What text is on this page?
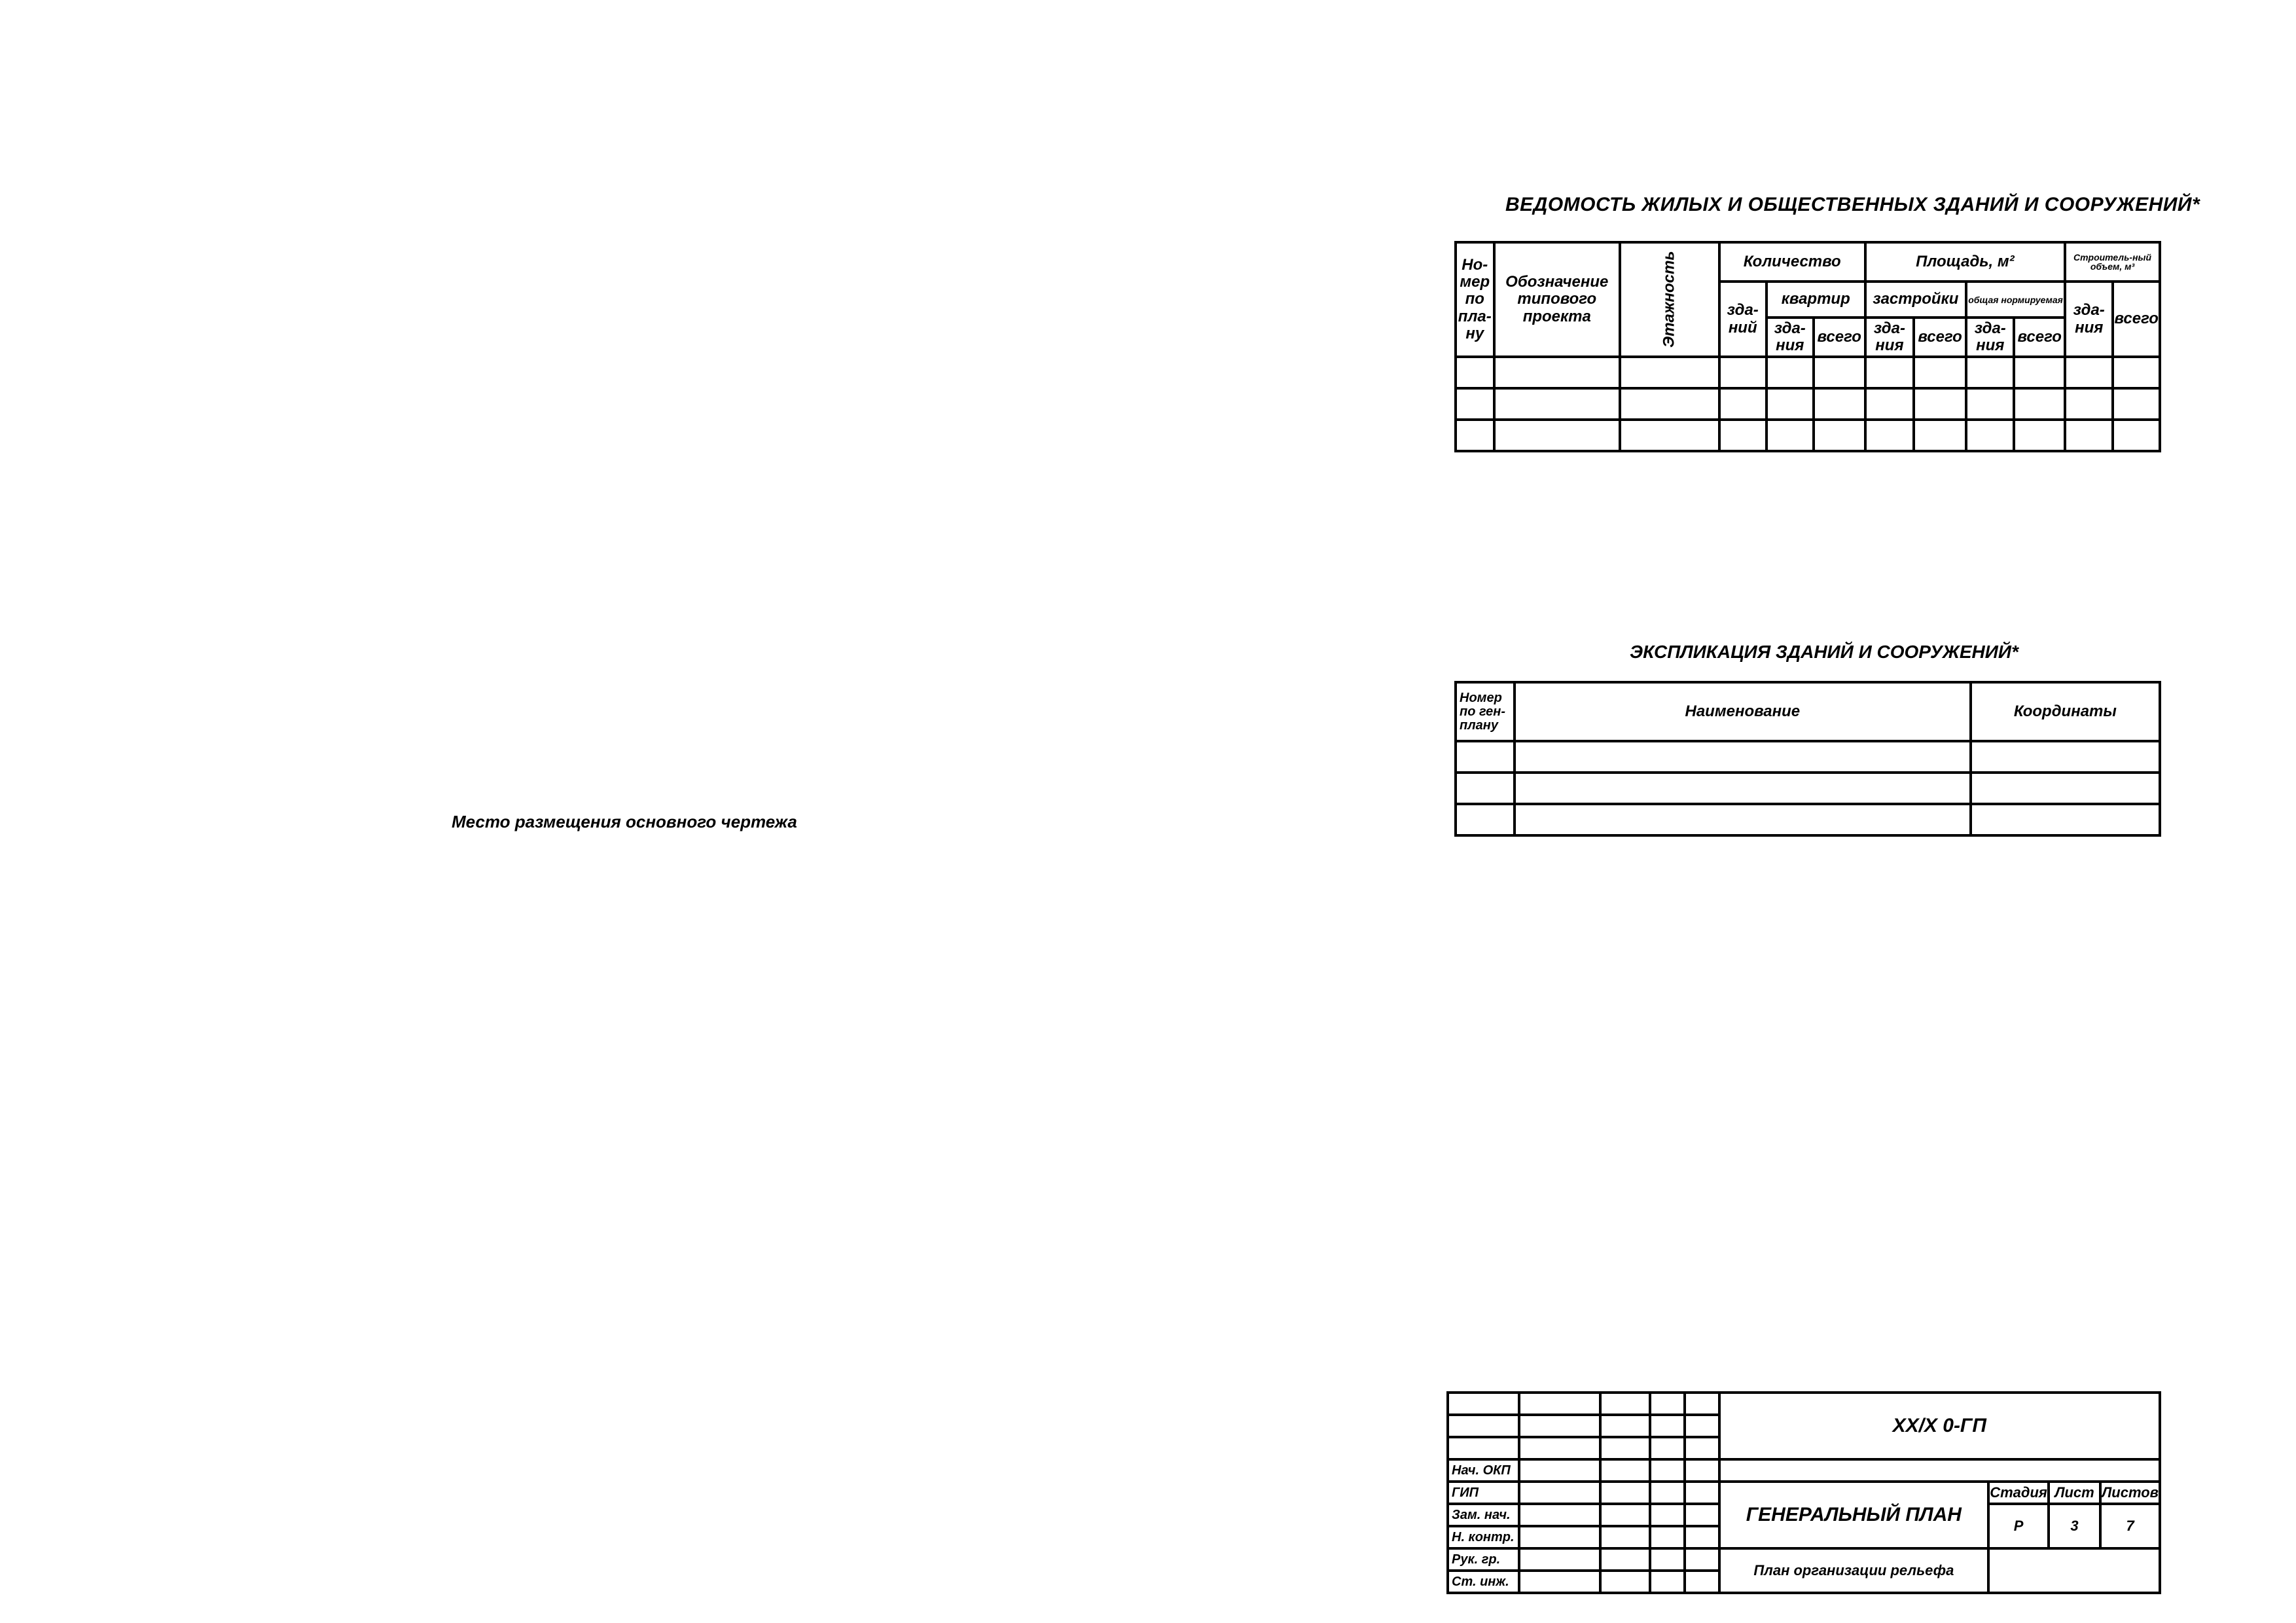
Место размещения основного чертежа
ВЕДОМОСТЬ ЖИЛЫХ И ОБЩЕСТВЕННЫХ ЗДАНИЙ И СООРУЖЕНИЙ*
Но-мер по пла-ну	Обозначение типового проекта	Этажность	Количество			Площадь, м²				Строитель-ный объем, м³	
			зда-ний	квартир		застройки		общая нормируемая		зда-ния	всего
				зда-ния	всего	зда-ния	всего	зда-ния	всего		

ЭКСПЛИКАЦИЯ ЗДАНИЙ И СООРУЖЕНИЙ*
Номер по ген-плану	Наименование	Координаты

					XX/X 0-ГП			

Нач. ОКП								
ГИП					ГЕНЕРАЛЬНЫЙ ПЛАН	Стадия	Лист	Листов
Зам. нач.						Р	3	7
Н. контр.								
Рук. гр.					План организации рельефа			
Ст. инж.								
